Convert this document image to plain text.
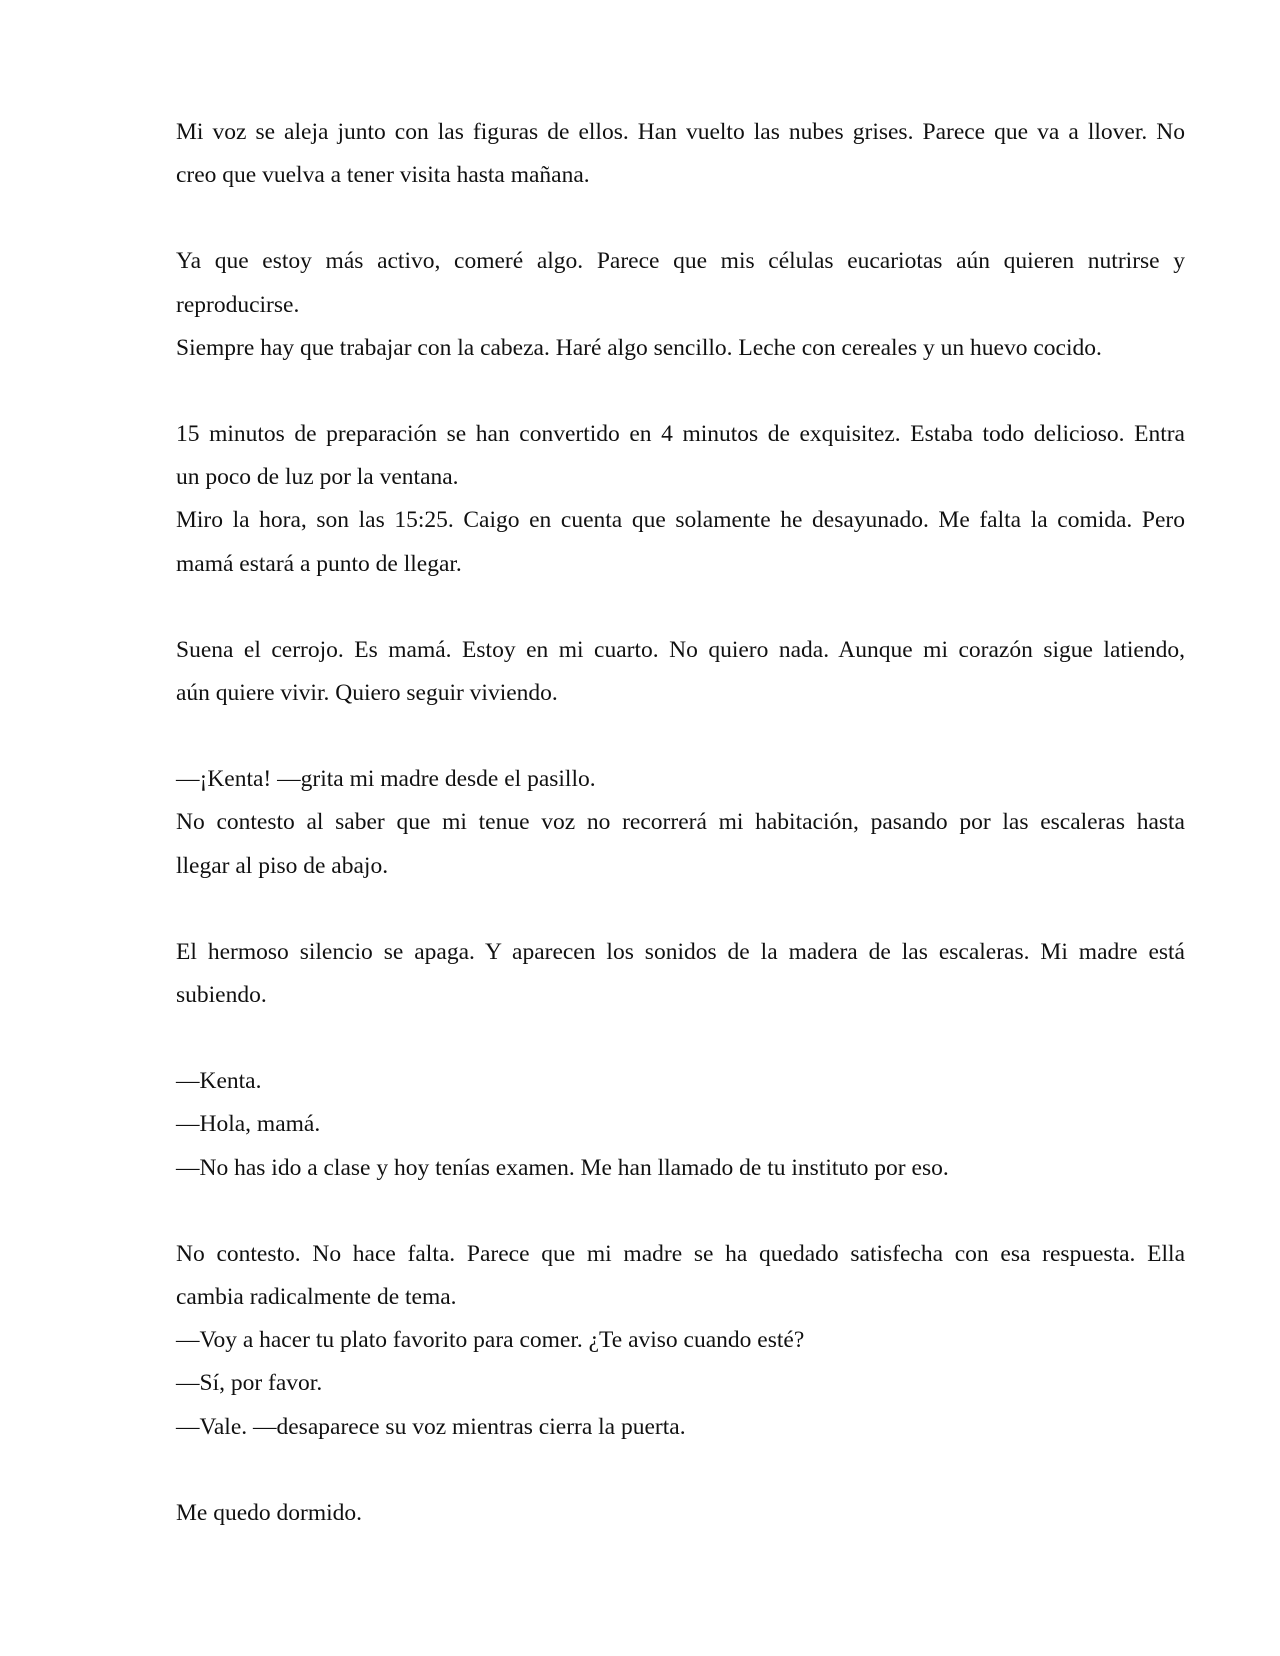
Mi voz se aleja junto con las figuras de ellos. Han vuelto las nubes grises. Parece que va a llover. No
creo que vuelva a tener visita hasta mañana.

Ya que estoy más activo, comeré algo. Parece que mis células eucariotas aún quieren nutrirse y
reproducirse.
Siempre hay que trabajar con la cabeza. Haré algo sencillo. Leche con cereales y un huevo cocido.

15 minutos de preparación se han convertido en 4 minutos de exquisitez. Estaba todo delicioso. Entra
un poco de luz por la ventana.
Miro la hora, son las 15:25. Caigo en cuenta que solamente he desayunado. Me falta la comida. Pero
mamá estará a punto de llegar.

Suena el cerrojo. Es mamá. Estoy en mi cuarto. No quiero nada. Aunque mi corazón sigue latiendo,
aún quiere vivir. Quiero seguir viviendo.

—¡Kenta! —grita mi madre desde el pasillo.
No contesto al saber que mi tenue voz no recorrerá mi habitación, pasando por las escaleras hasta
llegar al piso de abajo.

El hermoso silencio se apaga. Y aparecen los sonidos de la madera de las escaleras. Mi madre está
subiendo.

—Kenta.
—Hola, mamá.
—No has ido a clase y hoy tenías examen. Me han llamado de tu instituto por eso.

No contesto. No hace falta. Parece que mi madre se ha quedado satisfecha con esa respuesta. Ella
cambia radicalmente de tema.
—Voy a hacer tu plato favorito para comer. ¿Te aviso cuando esté?
—Sí, por favor.
—Vale. —desaparece su voz mientras cierra la puerta.

Me quedo dormido.
